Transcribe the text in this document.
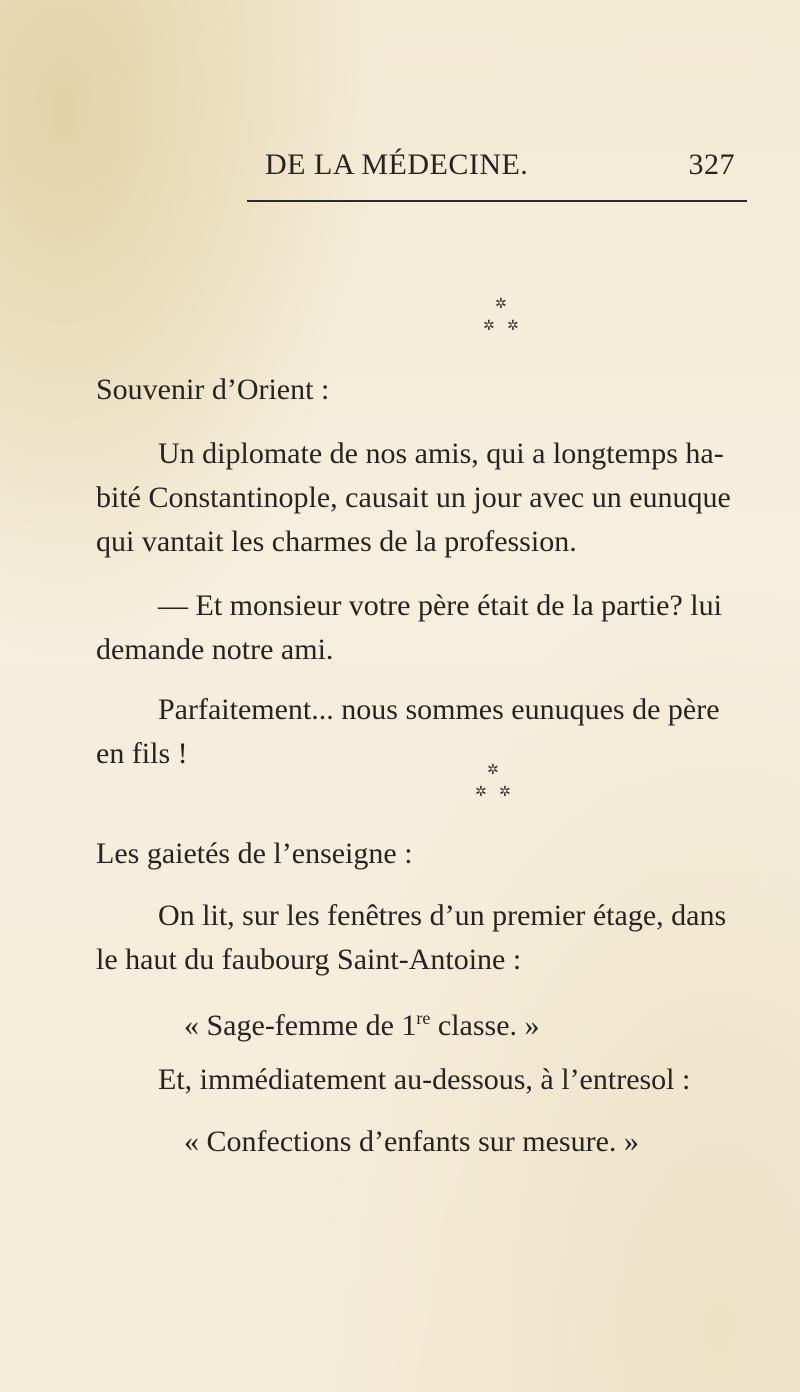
DE LA MÉDECINE.	327
✲
✲ ✲
Souvenir d’Orient :
Un diplomate de nos amis, qui a longtemps ha-
bité Constantinople, causait un jour avec un eunuque
qui vantait les charmes de la profession.
— Et monsieur votre père était de la partie? lui
demande notre ami.
Parfaitement... nous sommes eunuques de père
en fils !
✲
✲ ✲
Les gaietés de l’enseigne :
On lit, sur les fenêtres d’un premier étage, dans
le haut du faubourg Saint-Antoine :
« Sage-femme de 1re classe. »
Et, immédiatement au-dessous, à l’entresol :
« Confections d’enfants sur mesure. »
